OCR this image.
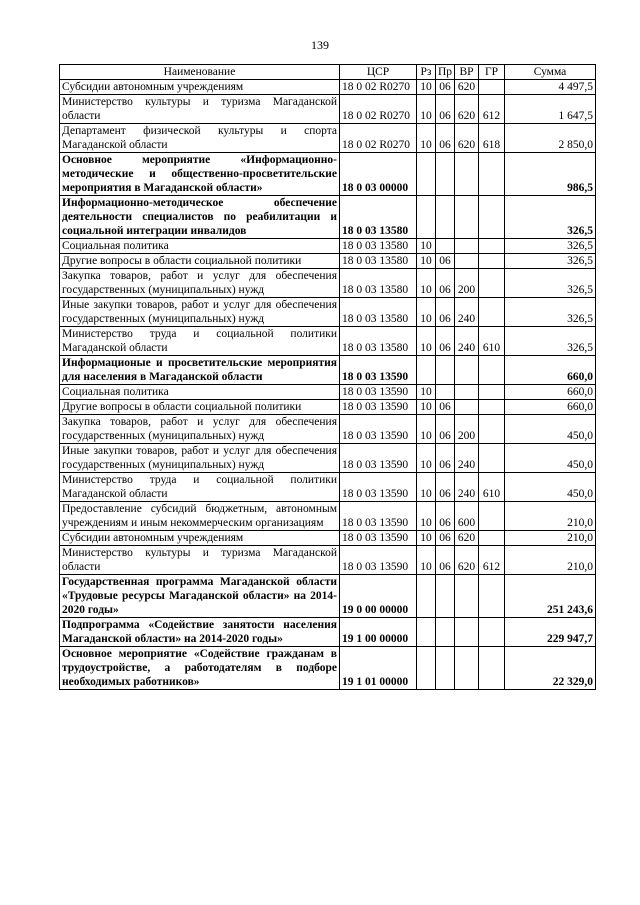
139
Наименование	ЦСР	Рз	Пр	ВР	ГР	Сумма
Субсидии автономным учреждениям	18 0 02 R0270	10	06	620		4 497,5
Министерство культуры и туризма Магаданской области	18 0 02 R0270	10	06	620	612	1 647,5
Департамент физической культуры и спорта Магаданской области	18 0 02 R0270	10	06	620	618	2 850,0
Основное мероприятие «Информационно-методические и общественно-просветительские мероприятия в Магаданской области»	18 0 03 00000					986,5
Информационно-методическое обеспечение деятельности специалистов по реабилитации и социальной интеграции инвалидов	18 0 03 13580					326,5
Социальная политика	18 0 03 13580	10				326,5
Другие вопросы в области социальной политики	18 0 03 13580	10	06			326,5
Закупка товаров, работ и услуг для обеспечения государственных (муниципальных) нужд	18 0 03 13580	10	06	200		326,5
Иные закупки товаров, работ и услуг для обеспечения государственных (муниципальных) нужд	18 0 03 13580	10	06	240		326,5
Министерство труда и социальной политики Магаданской области	18 0 03 13580	10	06	240	610	326,5
Информационые и просветительские мероприятия для населения в Магаданской области	18 0 03 13590					660,0
Социальная политика	18 0 03 13590	10				660,0
Другие вопросы в области социальной политики	18 0 03 13590	10	06			660,0
Закупка товаров, работ и услуг для обеспечения государственных (муниципальных) нужд	18 0 03 13590	10	06	200		450,0
Иные закупки товаров, работ и услуг для обеспечения государственных (муниципальных) нужд	18 0 03 13590	10	06	240		450,0
Министерство труда и социальной политики Магаданской области	18 0 03 13590	10	06	240	610	450,0
Предоставление субсидий бюджетным, автономным учреждениям и иным некоммерческим организациям	18 0 03 13590	10	06	600		210,0
Субсидии автономным учреждениям	18 0 03 13590	10	06	620		210,0
Министерство культуры и туризма Магаданской области	18 0 03 13590	10	06	620	612	210,0
Государственная программа Магаданской области «Трудовые ресурсы Магаданской области» на 2014-2020 годы»	19 0 00 00000					251 243,6
Подпрограмма «Содействие занятости населения Магаданской области» на 2014-2020 годы»	19 1 00 00000					229 947,7
Основное мероприятие «Содействие гражданам в трудоустройстве, а работодателям в подборе необходимых работников»	19 1 01 00000					22 329,0
